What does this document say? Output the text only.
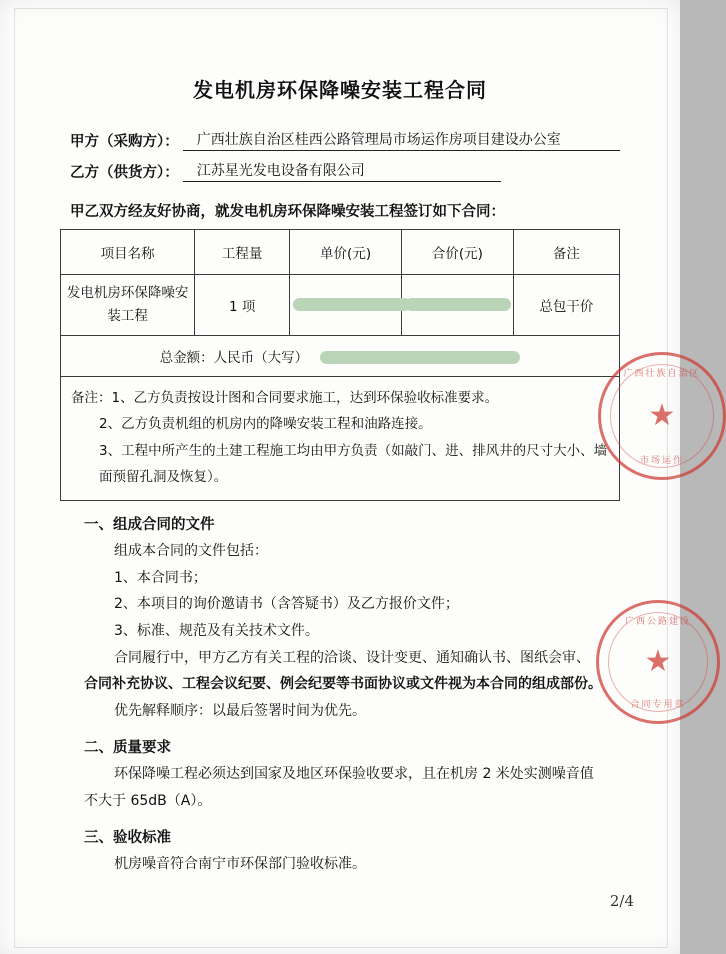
发电机房环保降噪安装工程合同
甲方（采购方）：	广西壮族自治区桂西公路管理局市场运作房项目建设办公室
乙方（供货方）：	江苏星光发电设备有限公司
甲乙双方经友好协商，就发电机房环保降噪安装工程签订如下合同：
项目名称	工程量	单价(元)	合价(元)	备注
发电机房环保降噪安装工程	1 项			总包干价
总金额：人民币（大写）				

备注：1、乙方负责按设计图和合同要求施工，达到环保验收标准要求。
2、乙方负责机组的机房内的降噪安装工程和油路连接。
3、工程中所产生的土建工程施工均由甲方负责（如敲门、进、排风井的尺寸大小、墙面预留孔洞及恢复）。				
一、组成合同的文件
组成本合同的文件包括：
1、本合同书；
2、本项目的询价邀请书（含答疑书）及乙方报价文件；
3、标准、规范及有关技术文件。
合同履行中，甲方乙方有关工程的洽谈、设计变更、通知确认书、图纸会审、
合同补充协议、工程会议纪要、例会纪要等书面协议或文件视为本合同的组成部份。
优先解释顺序：以最后签署时间为优先。
二、质量要求
环保降噪工程必须达到国家及地区环保验收要求，且在机房 2 米处实测噪音值
不大于 65dB（A）。
三、验收标准
机房噪音符合南宁市环保部门验收标准。
广西壮族自治区
★
市场运作
广西公路建设
★
合同专用章
2/4
